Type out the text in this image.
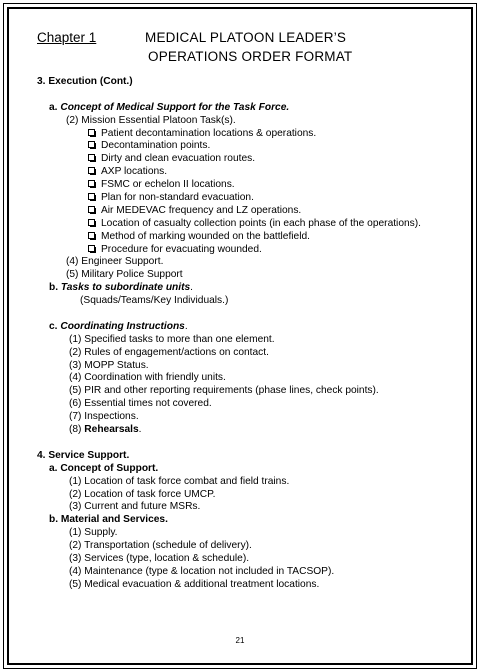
Chapter 1	MEDICAL PLATOON LEADER’S
OPERATIONS ORDER FORMAT
3. Execution (Cont.)
a. Concept of Medical Support for the Task Force.
(2) Mission Essential Platoon Task(s).
Patient decontamination locations & operations.
Decontamination points.
Dirty and clean evacuation routes.
AXP locations.
FSMC or echelon II locations.
Plan for non-standard evacuation.
Air MEDEVAC frequency and LZ operations.
Location of casualty collection points (in each phase of the operations).
Method of marking wounded on the battlefield.
Procedure for evacuating wounded.
(4) Engineer Support.
(5) Military Police Support
b. Tasks to subordinate units.
(Squads/Teams/Key Individuals.)
c. Coordinating Instructions.
(1) Specified tasks to more than one element.
(2) Rules of engagement/actions on contact.
(3) MOPP Status.
(4) Coordination with friendly units.
(5) PIR and other reporting requirements (phase lines, check points).
(6) Essential times not covered.
(7) Inspections.
(8) Rehearsals.
4. Service Support.
a. Concept of Support.
(1) Location of task force combat and field trains.
(2) Location of task force UMCP.
(3) Current and future MSRs.
b. Material and Services.
(1) Supply.
(2) Transportation (schedule of delivery).
(3) Services (type, location & schedule).
(4) Maintenance (type & location not included in TACSOP).
(5) Medical evacuation & additional treatment locations.
21
